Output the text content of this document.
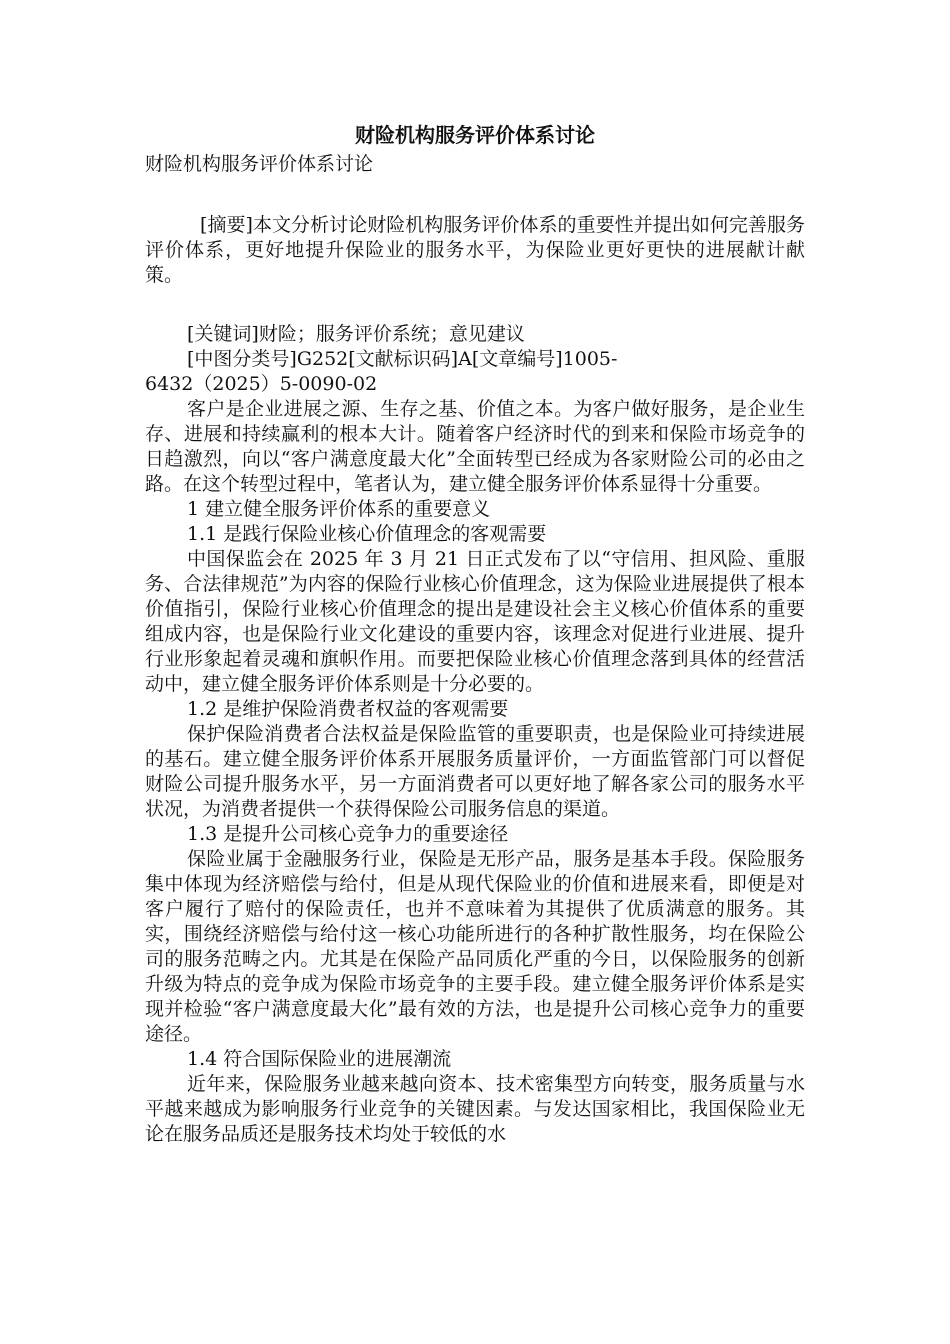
财险机构服务评价体系讨论
财险机构服务评价体系讨论

[摘要]本文分析讨论财险机构服务评价体系的重要性并提出如何完善服务评价体系，更好地提升保险业的服务水平，为保险业更好更快的进展献计献策。

[关键词]财险；服务评价系统；意见建议

[中图分类号]G252[文献标识码]A[文章编号]1005-

6432（2025）5-0090-02

客户是企业进展之源、生存之基、价值之本。为客户做好服务，是企业生存、进展和持续赢利的根本大计。随着客户经济时代的到来和保险市场竞争的日趋激烈，向以“客户满意度最大化”全面转型已经成为各家财险公司的必由之路。在这个转型过程中，笔者认为，建立健全服务评价体系显得十分重要。

1 建立健全服务评价体系的重要意义

1.1 是践行保险业核心价值理念的客观需要

中国保监会在 2025 年 3 月 21 日正式发布了以“守信用、担风险、重服务、合法律规范”为内容的保险行业核心价值理念，这为保险业进展提供了根本价值指引，保险行业核心价值理念的提出是建设社会主义核心价值体系的重要组成内容，也是保险行业文化建设的重要内容，该理念对促进行业进展、提升行业形象起着灵魂和旗帜作用。而要把保险业核心价值理念落到具体的经营活动中，建立健全服务评价体系则是十分必要的。

1.2 是维护保险消费者权益的客观需要

保护保险消费者合法权益是保险监管的重要职责，也是保险业可持续进展的基石。建立健全服务评价体系开展服务质量评价，一方面监管部门可以督促财险公司提升服务水平，另一方面消费者可以更好地了解各家公司的服务水平状况，为消费者提供一个获得保险公司服务信息的渠道。

1.3 是提升公司核心竞争力的重要途径

保险业属于金融服务行业，保险是无形产品，服务是基本手段。保险服务集中体现为经济赔偿与给付，但是从现代保险业的价值和进展来看，即便是对客户履行了赔付的保险责任，也并不意味着为其提供了优质满意的服务。其实，围绕经济赔偿与给付这一核心功能所进行的各种扩散性服务，均在保险公司的服务范畴之内。尤其是在保险产品同质化严重的今日，以保险服务的创新升级为特点的竞争成为保险市场竞争的主要手段。建立健全服务评价体系是实现并检验“客户满意度最大化”最有效的方法，也是提升公司核心竞争力的重要途径。

1.4 符合国际保险业的进展潮流

近年来，保险服务业越来越向资本、技术密集型方向转变，服务质量与水平越来越成为影响服务行业竞争的关键因素。与发达国家相比，我国保险业无论在服务品质还是服务技术均处于较低的水
